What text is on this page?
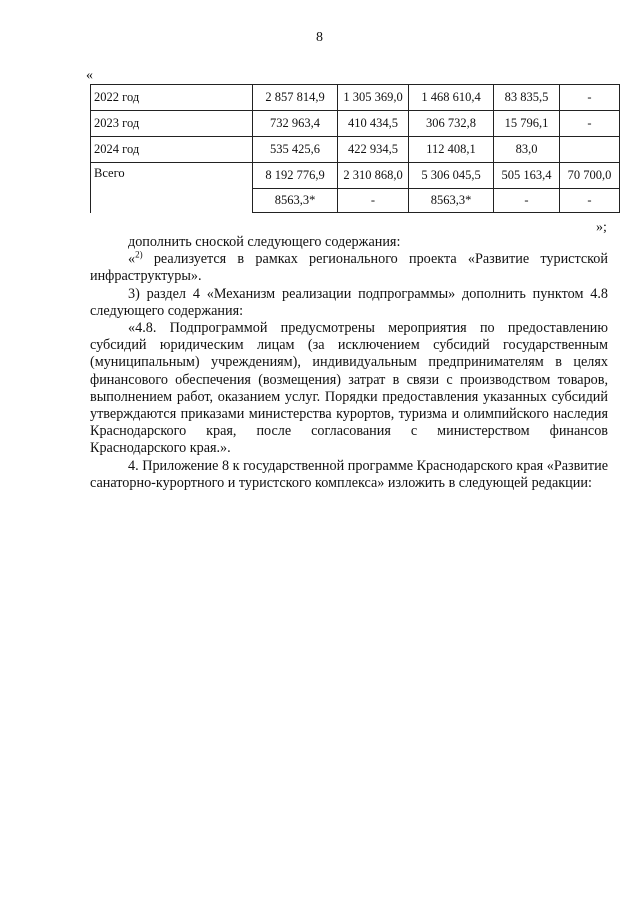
8
«
2022 год	2 857 814,9	1 305 369,0	1 468 610,4	83 835,5	-
2023 год	732 963,4	410 434,5	306 732,8	15 796,1	-
2024 год	535 425,6	422 934,5	112 408,1	83,0	
Всего	8 192 776,9	2 310 868,0	5 306 045,5	505 163,4	70 700,0
	8563,3*	-	8563,3*	-	-
»;

дополнить сноской следующего содержания:

«$^{2)}$ реализуется в рамках регионального проекта «Развитие туристской инфраструктуры».

3) раздел 4 «Механизм реализации подпрограммы» дополнить пунктом 4.8 следующего содержания:

«4.8. Подпрограммой предусмотрены мероприятия по предоставлению субсидий юридическим лицам (за исключением субсидий государственным (муниципальным) учреждениям), индивидуальным предпринимателям в целях финансового обеспечения (возмещения) затрат в связи с производством товаров, выполнением работ, оказанием услуг. Порядки предоставления указанных субсидий утверждаются приказами министерства курортов, туризма и олимпийского наследия Краснодарского края, после согласования с министерством финансов Краснодарского края.».

4. Приложение 8 к государственной программе Краснодарского края «Развитие санаторно-курортного и туристского комплекса» изложить в следующей редакции:
